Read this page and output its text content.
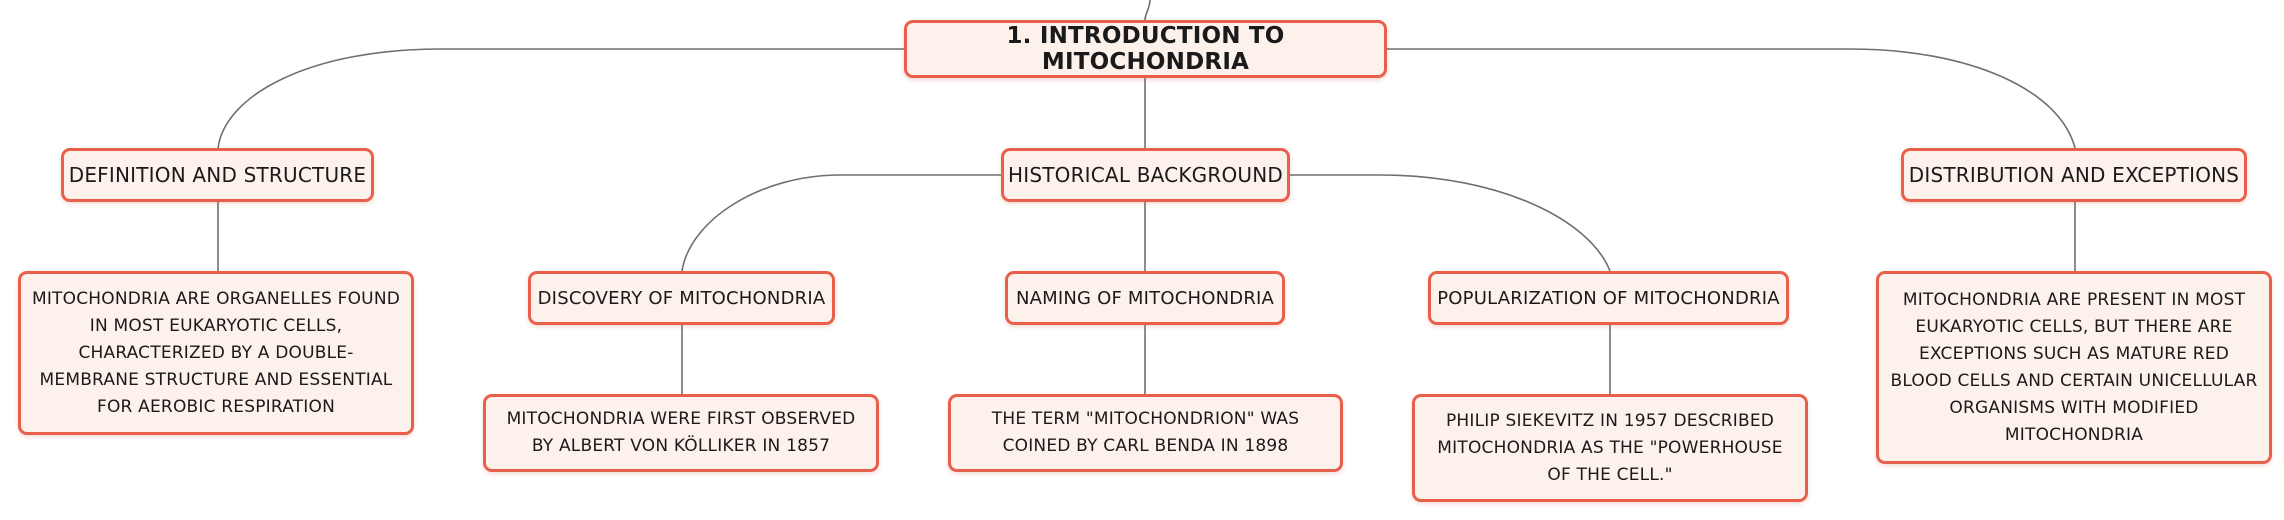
1. INTRODUCTION TO MITOCHONDRIA
DEFINITION AND STRUCTURE	HISTORICAL BACKGROUND	DISTRIBUTION AND EXCEPTIONS
DISCOVERY OF MITOCHONDRIA	NAMING OF MITOCHONDRIA	POPULARIZATION OF MITOCHONDRIA
MITOCHONDRIA ARE ORGANELLES FOUND IN MOST EUKARYOTIC CELLS, CHARACTERIZED BY A DOUBLE-MEMBRANE STRUCTURE AND ESSENTIAL FOR AEROBIC RESPIRATION
MITOCHONDRIA WERE FIRST OBSERVED BY ALBERT VON KÖLLIKER IN 1857
THE TERM "MITOCHONDRION" WAS COINED BY CARL BENDA IN 1898
PHILIP SIEKEVITZ IN 1957 DESCRIBED MITOCHONDRIA AS THE "POWERHOUSE OF THE CELL."
MITOCHONDRIA ARE PRESENT IN MOST EUKARYOTIC CELLS, BUT THERE ARE EXCEPTIONS SUCH AS MATURE RED BLOOD CELLS AND CERTAIN UNICELLULAR ORGANISMS WITH MODIFIED MITOCHONDRIA
